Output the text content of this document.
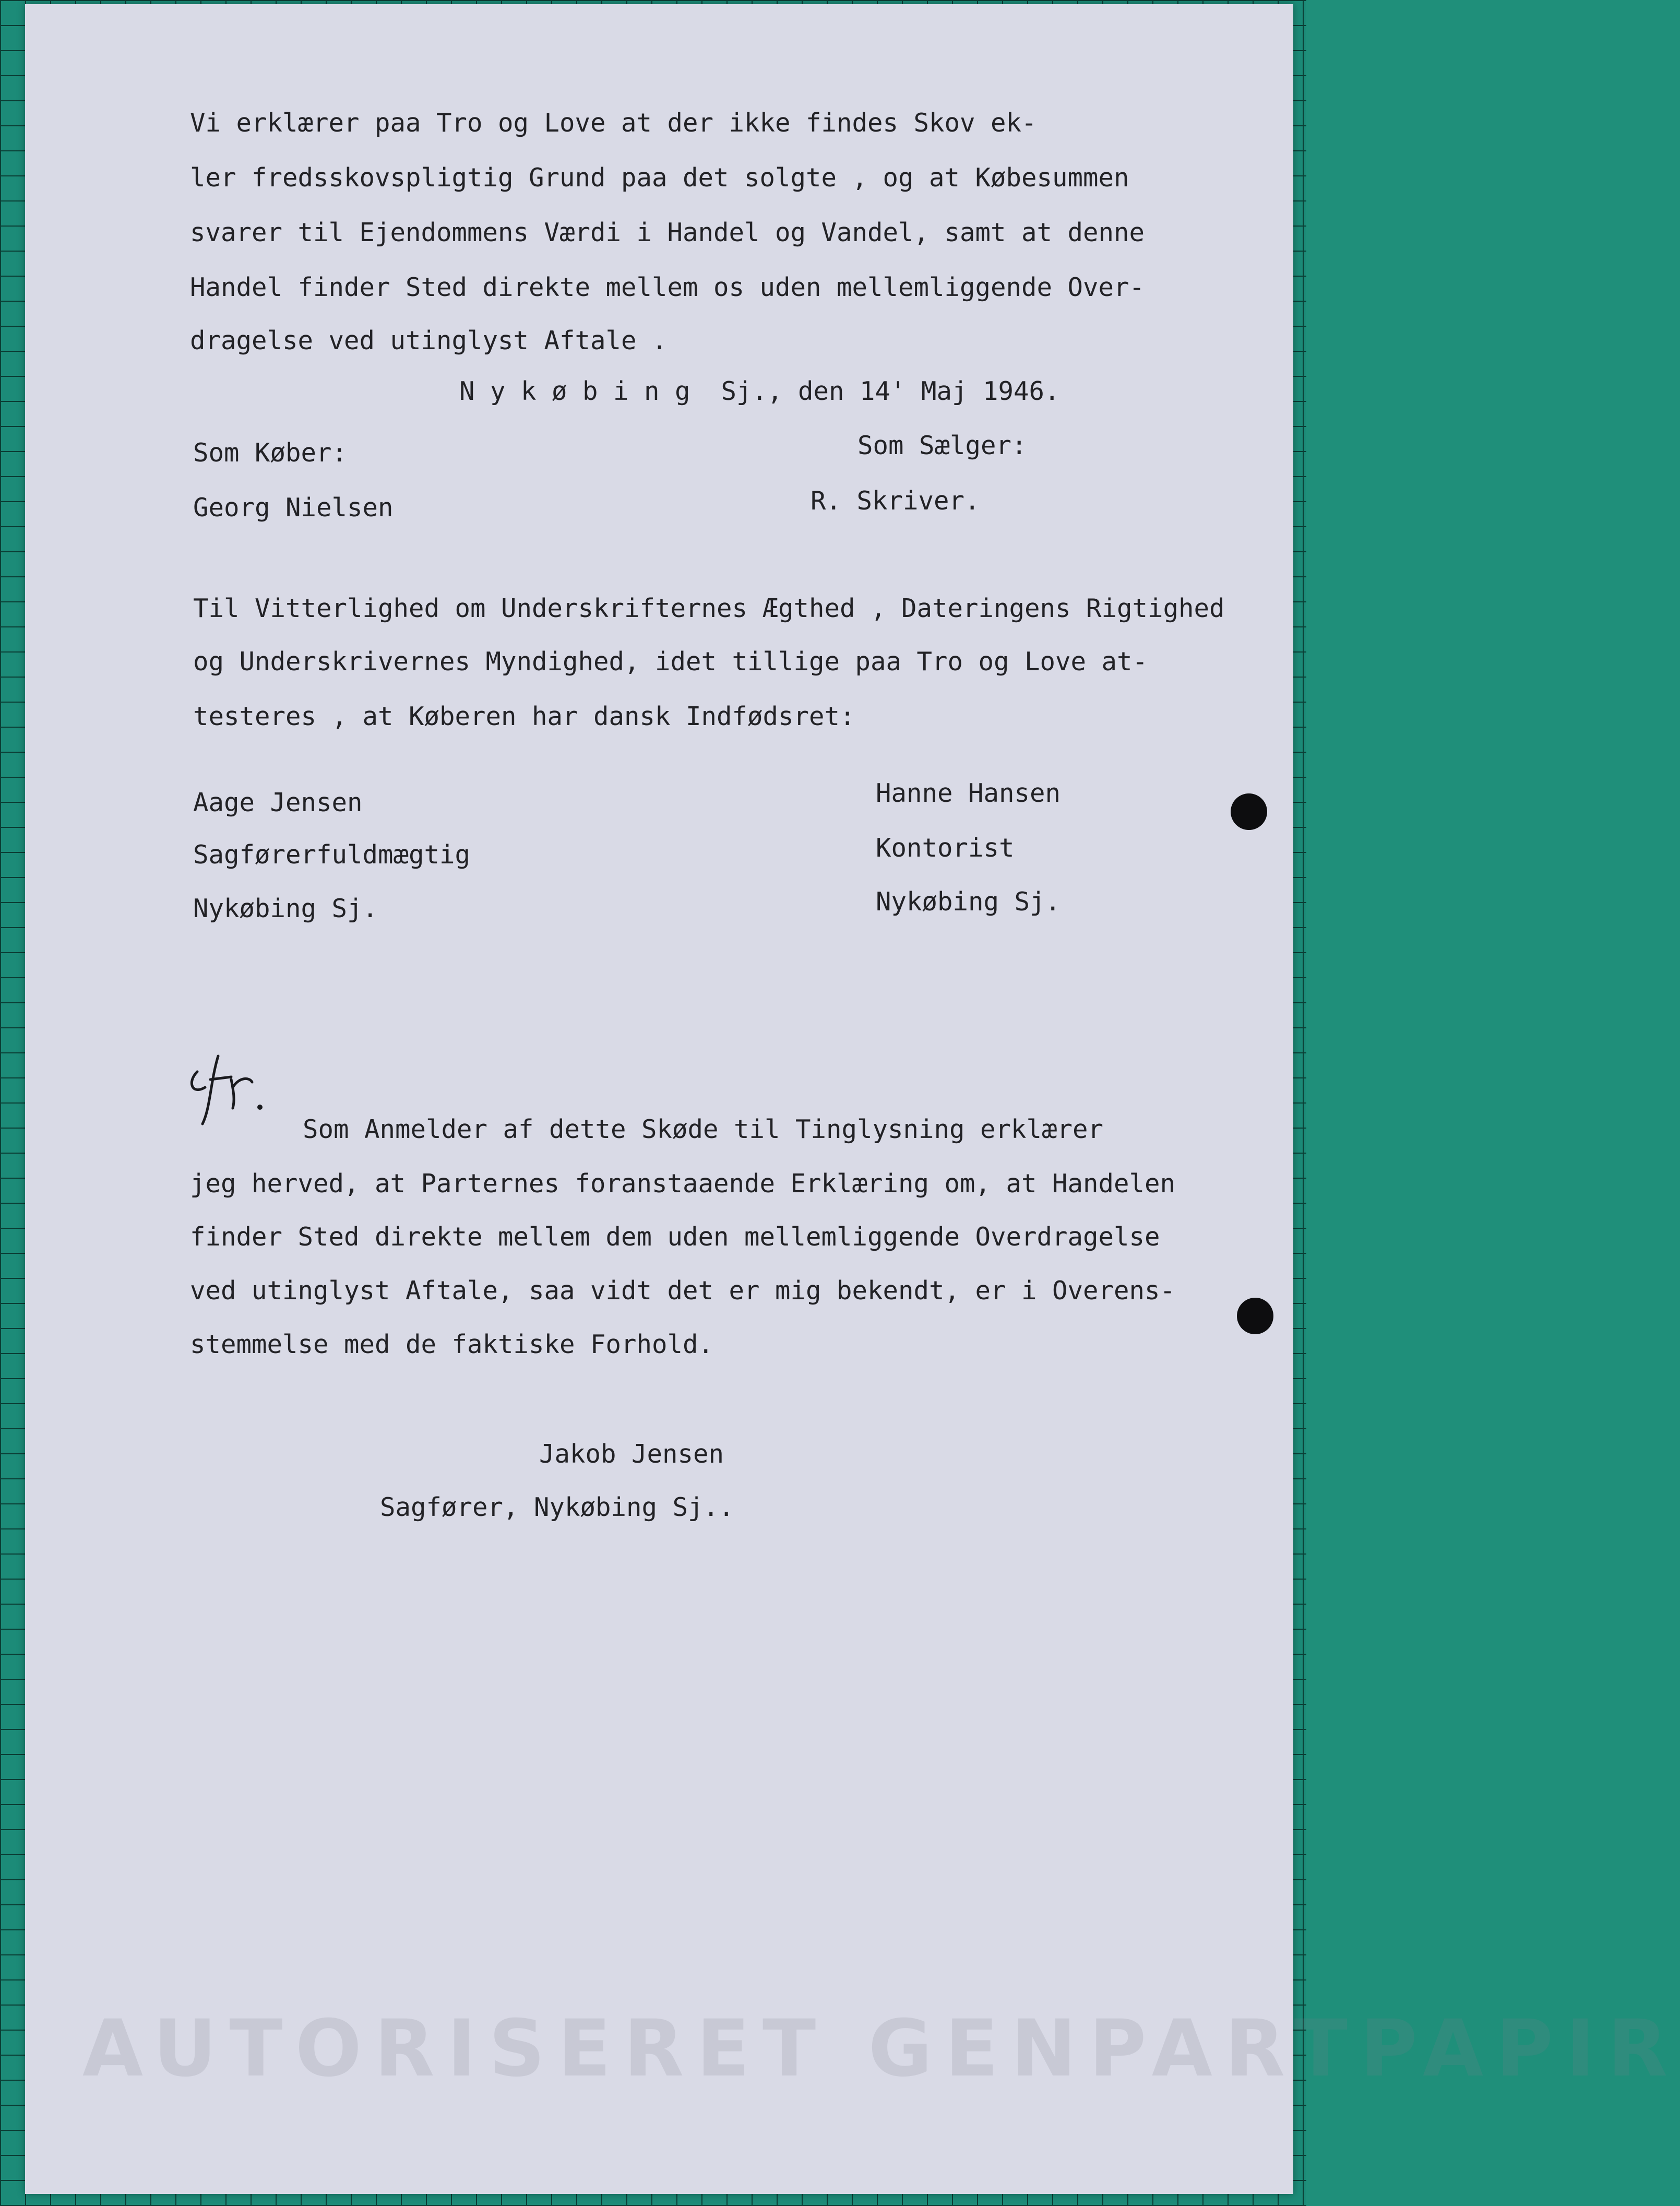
AUTORISERET GENPARTPAPIR
Vi erklærer paa Tro og Love at der ikke findes Skov ek-
ler fredsskovspligtig Grund paa det solgte , og at Købesummen
svarer til Ejendommens Værdi i Handel og Vandel, samt at denne
Handel finder Sted direkte mellem os uden mellemliggende Over-
dragelse ved utinglyst Aftale .
N y k ø b i n g  Sj., den 14' Maj 1946.
Som Køber:	Som Sælger:
Georg Nielsen	R. Skriver.
Til Vitterlighed om Underskrifternes Ægthed , Dateringens Rigtighed
og Underskrivernes Myndighed, idet tillige paa Tro og Love at-
testeres , at Køberen har dansk Indfødsret:
Aage Jensen
Sagførerfuldmægtig
Nykøbing Sj.
Hanne Hansen
Kontorist
Nykøbing Sj.
Som Anmelder af dette Skøde til Tinglysning erklærer
jeg herved, at Parternes foranstaaende Erklæring om, at Handelen
finder Sted direkte mellem dem uden mellemliggende Overdragelse
ved utinglyst Aftale, saa vidt det er mig bekendt, er i Overens-
stemmelse med de faktiske Forhold.
Jakob Jensen
Sagfører, Nykøbing Sj..
